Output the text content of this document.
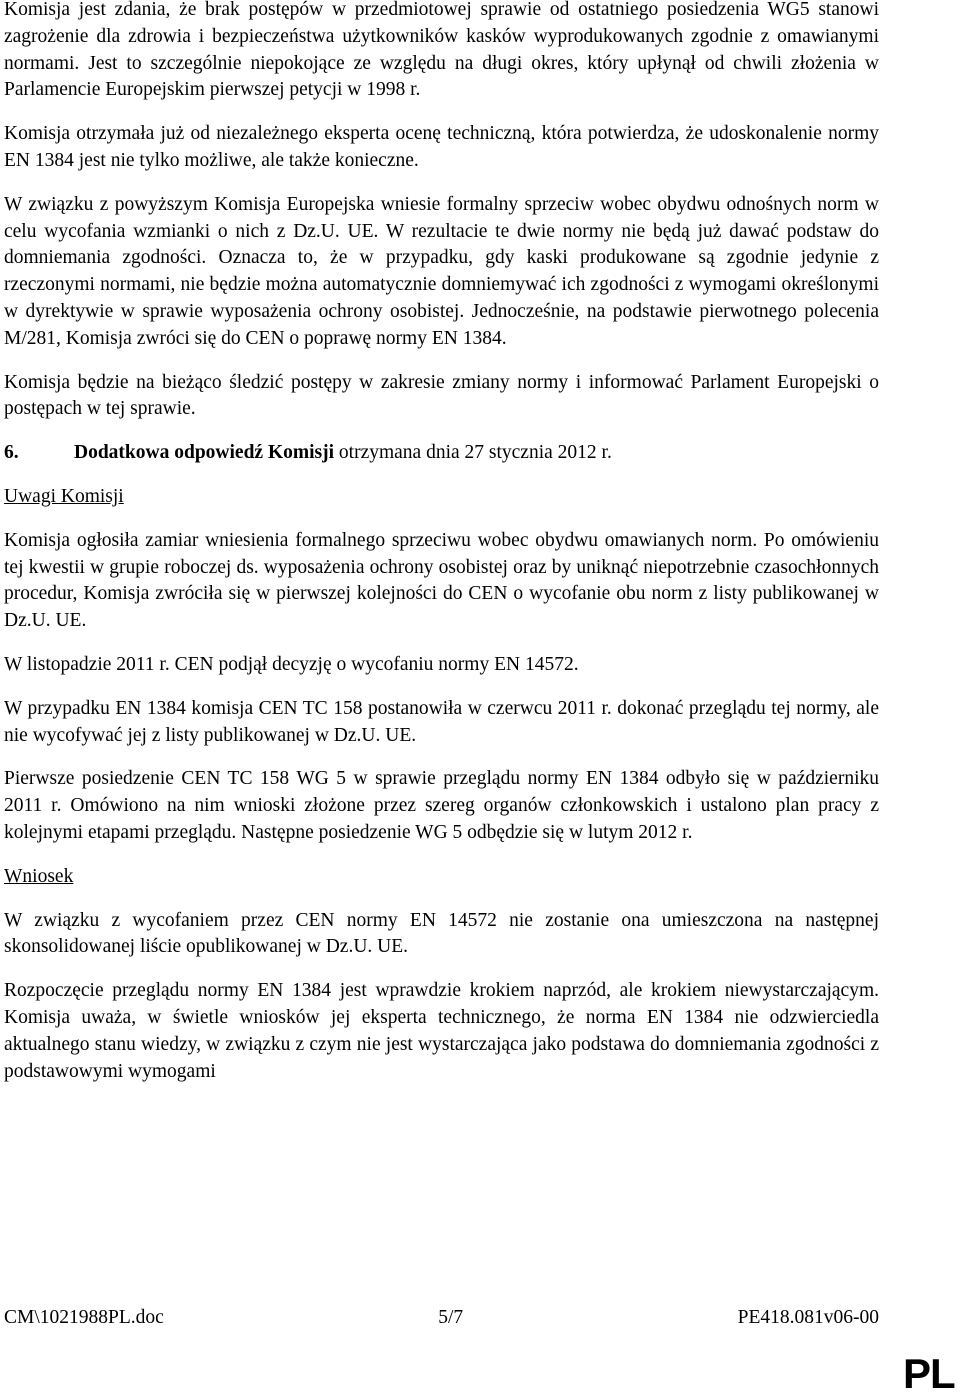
Komisja jest zdania, że brak postępów w przedmiotowej sprawie od ostatniego posiedzenia WG5 stanowi zagrożenie dla zdrowia i bezpieczeństwa użytkowników kasków wyprodukowanych zgodnie z omawianymi normami. Jest to szczególnie niepokojące ze względu na długi okres, który upłynął od chwili złożenia w Parlamencie Europejskim pierwszej petycji w 1998 r.

Komisja otrzymała już od niezależnego eksperta ocenę techniczną, która potwierdza, że udoskonalenie normy EN 1384 jest nie tylko możliwe, ale także konieczne.

W związku z powyższym Komisja Europejska wniesie formalny sprzeciw wobec obydwu odnośnych norm w celu wycofania wzmianki o nich z Dz.U. UE. W rezultacie te dwie normy nie będą już dawać podstaw do domniemania zgodności. Oznacza to, że w przypadku, gdy kaski produkowane są zgodnie jedynie z rzeczonymi normami, nie będzie można automatycznie domniemywać ich zgodności z wymogami określonymi w dyrektywie w sprawie wyposażenia ochrony osobistej. Jednocześnie, na podstawie pierwotnego polecenia M/281, Komisja zwróci się do CEN o poprawę normy EN 1384.

Komisja będzie na bieżąco śledzić postępy w zakresie zmiany normy i informować Parlament Europejski o postępach w tej sprawie.

6.	Dodatkowa odpowiedź Komisji otrzymana dnia 27 stycznia 2012 r.

Uwagi Komisji

Komisja ogłosiła zamiar wniesienia formalnego sprzeciwu wobec obydwu omawianych norm. Po omówieniu tej kwestii w grupie roboczej ds. wyposażenia ochrony osobistej oraz by uniknąć niepotrzebnie czasochłonnych procedur, Komisja zwróciła się w pierwszej kolejności do CEN o wycofanie obu norm z listy publikowanej w Dz.U. UE.

W listopadzie 2011 r. CEN podjął decyzję o wycofaniu normy EN 14572.

W przypadku EN 1384 komisja CEN TC 158 postanowiła w czerwcu 2011 r. dokonać przeglądu tej normy, ale nie wycofywać jej z listy publikowanej w Dz.U. UE.

Pierwsze posiedzenie CEN TC 158 WG 5 w sprawie przeglądu normy EN 1384 odbyło się w październiku 2011 r. Omówiono na nim wnioski złożone przez szereg organów członkowskich i ustalono plan pracy z kolejnymi etapami przeglądu. Następne posiedzenie WG 5 odbędzie się w lutym 2012 r.

Wniosek

W związku z wycofaniem przez CEN normy EN 14572 nie zostanie ona umieszczona na następnej skonsolidowanej liście opublikowanej w Dz.U. UE.

Rozpoczęcie przeglądu normy EN 1384 jest wprawdzie krokiem naprzód, ale krokiem niewystarczającym. Komisja uważa, w świetle wniosków jej eksperta technicznego, że norma EN 1384 nie odzwierciedla aktualnego stanu wiedzy, w związku z czym nie jest wystarczająca jako podstawa do domniemania zgodności z podstawowymi wymogami

CM\1021988PL.doc	5/7	PE418.081v06-00
PL
